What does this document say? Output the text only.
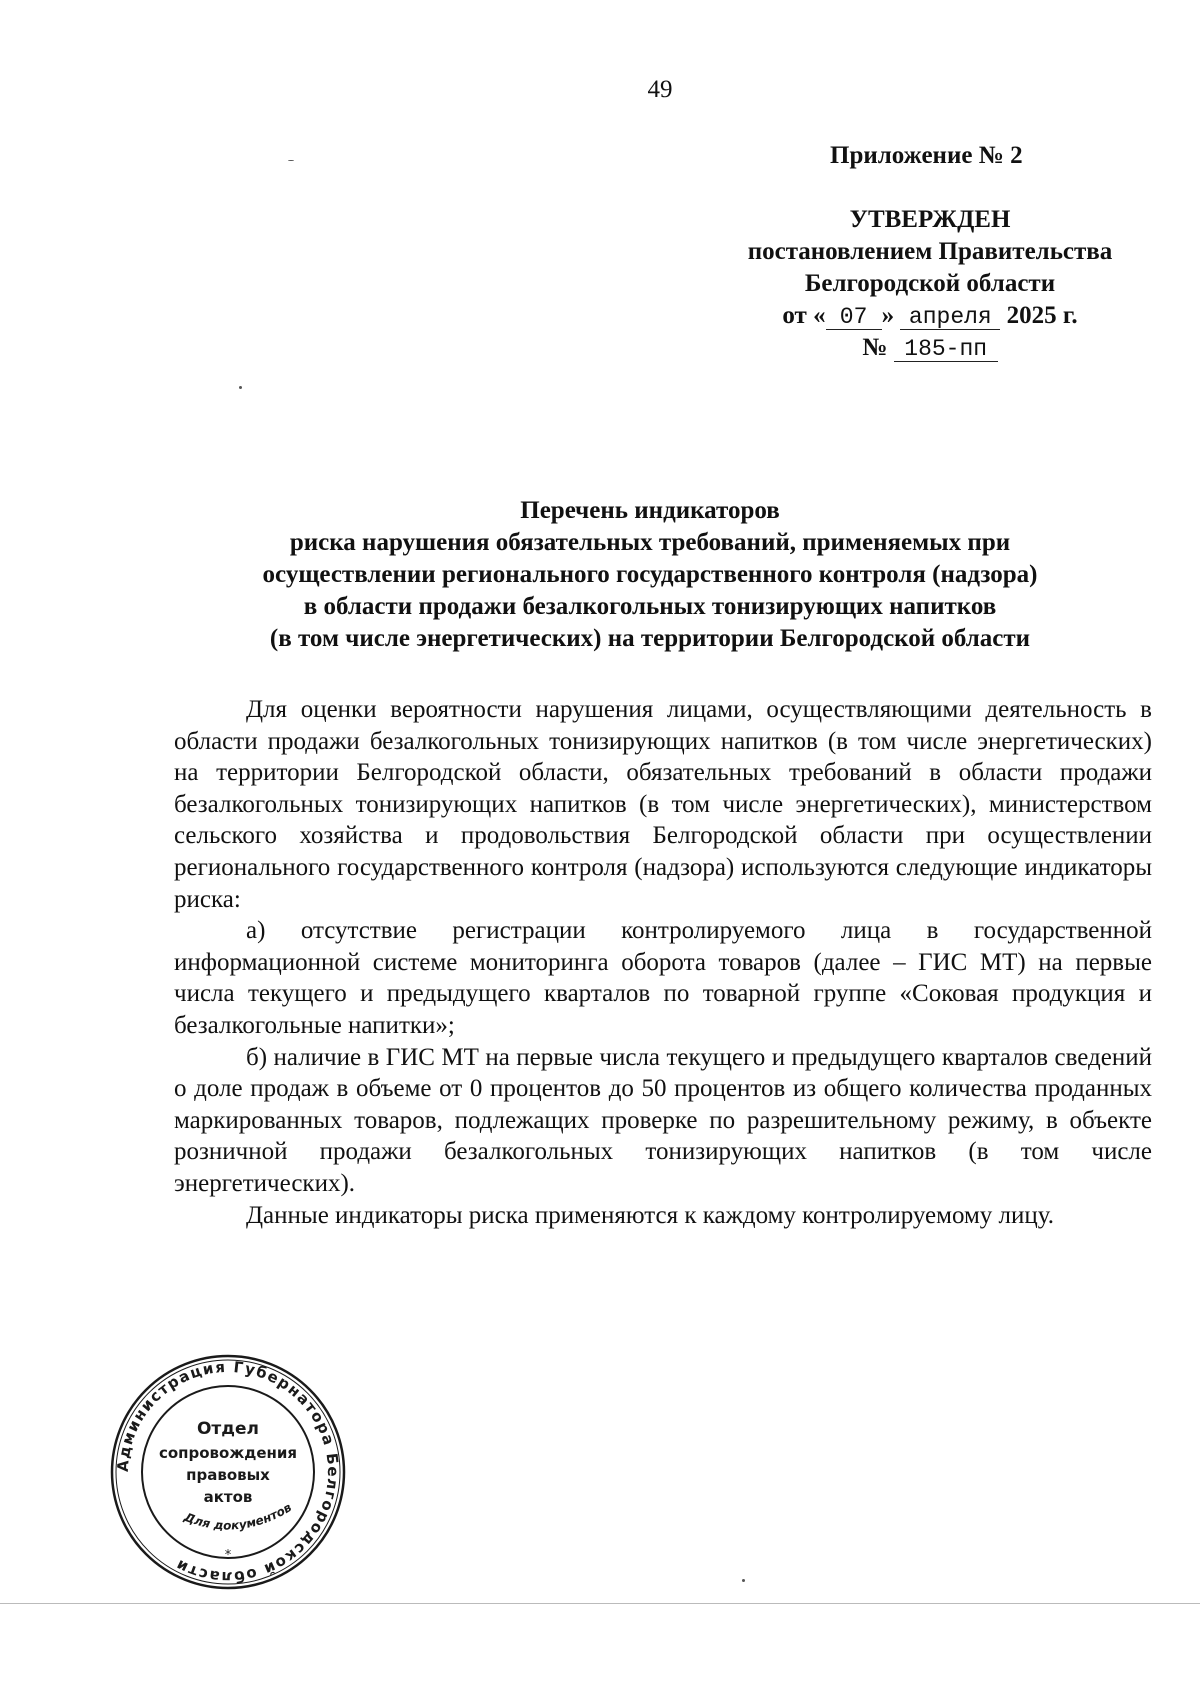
49
Приложение № 2
УТВЕРЖДЕН
постановлением Правительства
Белгородской области
от « 07 » апреля 2025 г.
№ 185-пп
Перечень индикаторов
риска нарушения обязательных требований, применяемых при
осуществлении регионального государственного контроля (надзора)
в области продажи безалкогольных тонизирующих напитков
(в том числе энергетических) на территории Белгородской области

Для оценки вероятности нарушения лицами, осуществляющими деятельность в области продажи безалкогольных тонизирующих напитков (в том числе энергетических) на территории Белгородской области, обязательных требований в области продажи безалкогольных тонизирующих напитков (в том числе энергетических), министерством сельского хозяйства и продовольствия Белгородской области при осуществлении регионального государственного контроля (надзора) используются следующие индикаторы риска:

а) отсутствие регистрации контролируемого лица в государственной информационной системе мониторинга оборота товаров (далее – ГИС МТ) на первые числа текущего и предыдущего кварталов по товарной группе «Соковая продукция и безалкогольные напитки»;

б) наличие в ГИС МТ на первые числа текущего и предыдущего кварталов сведений о доле продаж в объеме от 0 процентов до 50 процентов из общего количества проданных маркированных товаров, подлежащих проверке по разрешительному режиму, в объекте розничной продажи безалкогольных тонизирующих напитков (в том числе энергетических).

Данные индикаторы риска применяются к каждому контролируемому лицу.

Администрация Губернатора Белгородской области
Отдел
сопровождения
правовых
актов
Для документов
*
